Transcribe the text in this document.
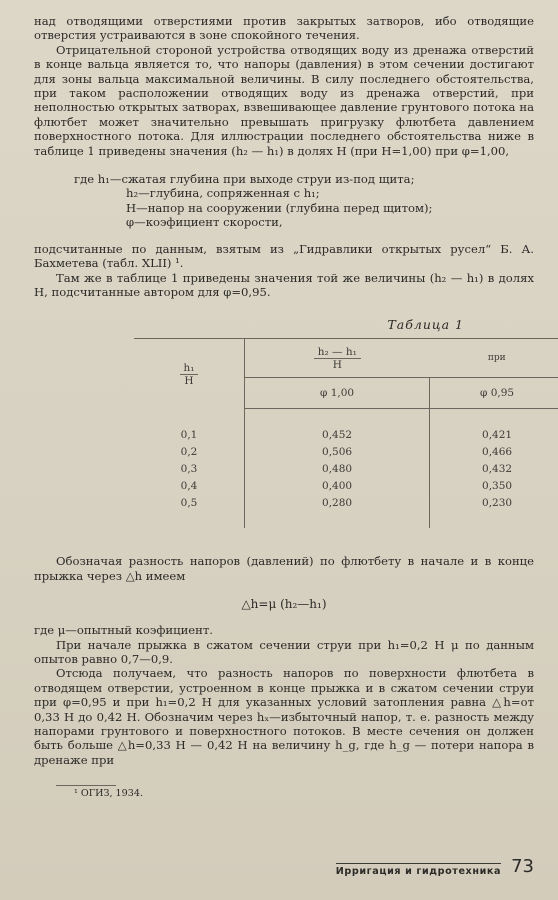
над отводящими отверстиями против закрытых затворов, ибо отводящие отверстия устраиваются в зоне спокойного течения.

Отрицательной стороной устройства отводящих воду из дренажа отверстий в конце вальца является то, что напоры (давления) в этом сечении достигают для зоны вальца максимальной величины. В силу последнего обстоятельства, при таком расположении отводящих воду из дренажа отверстий, при неполностью открытых затворах, взвешивающее давление грунтового потока на флютбет может значительно превышать пригрузку флютбета давлением поверхностного потока. Для иллюстрации последнего обстоятельства ниже в таблице 1 приведены значения (h₂ — h₁) в долях H (при H=1,00) при φ=1,00,

где h₁—сжатая глубина при выходе струи из-под щита;
h₂—глубина, сопряженная с h₁;
H—напор на сооружении (глубина перед щитом);
φ—коэфициент скорости,

подсчитанные по данным, взятым из „Гидравлики открытых русел“ Б. А. Бахметева (табл. XLII) ¹.

Там же в таблице 1 приведены значения той же величины (h₂ — h₁) в долях H, подсчитанные автором для φ=0,95.

Таблица 1
$\frac{\text{h₁}}{H}$	$\frac{\text{h₂ — h₁}}{H}$	при
	φ 1,00	φ 0,95

0,1	0,452	0,421
0,2	0,506	0,466
0,3	0,480	0,432
0,4	0,400	0,350
0,5	0,280	0,230

Обозначая разность напоров (давлений) по флютбету в начале и в конце прыжка через △h имеем

△h=μ (h₂—h₁)

где μ—опытный коэфициент.

При начале прыжка в сжатом сечении струи при h₁=0,2 H μ по данным опытов равно 0,7—0,9.

Отсюда получаем, что разность напоров по поверхности флютбета в отводящем отверстии, устроенном в конце прыжка и в сжатом сечении струи при φ=0,95 и при h₁=0,2 H для указанных условий затопления равна △h=от 0,33 H до 0,42 H. Обозначим через hₓ—избыточный напор, т. е. разность между напорами грунтового и поверхностного потоков. В месте сечения он должен быть больше △h=0,33 H — 0,42 H на величину h_g, где h_g — потери напора в дренаже при

¹ ОГИЗ, 1934.
Ирригация и гидротехника 73
